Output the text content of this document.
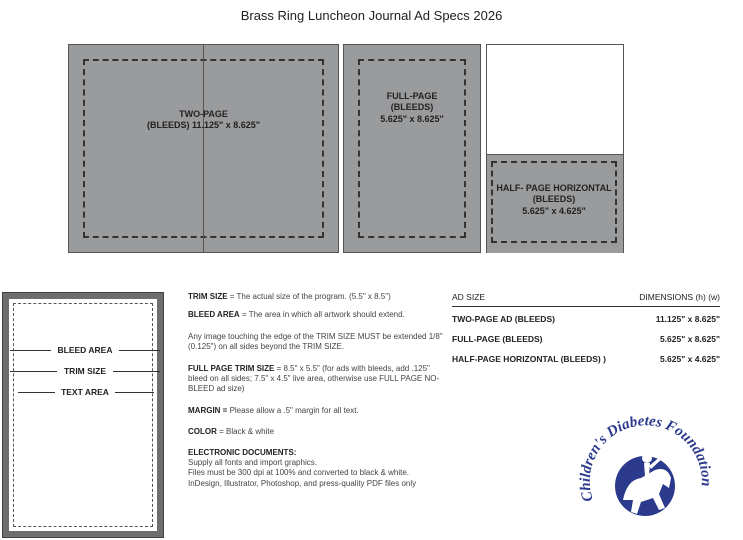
Brass Ring Luncheon Journal Ad Specs 2026
TWO-PAGE
(BLEEDS) 11.125" x 8.625"
FULL-PAGE
(BLEEDS)
5.625" x 8.625"
HALF- PAGE HORIZONTAL
(BLEEDS)
5.625" x 4.625"
BLEED AREA
TRIM SIZE
TEXT AREA

TRIM SIZE = The actual size of the program. (5.5" x 8.5")

BLEED AREA = The area in which all artwork should extend.

Any image touching the edge of the TRIM SIZE MUST be extended 1/8" (0.125") on all sides beyond the TRIM SIZE.

FULL PAGE TRIM SIZE = 8.5" x 5.5" (for ads with bleeds, add .125" bleed on all sides; 7.5" x 4.5" live area, otherwise use FULL PAGE NO-BLEED ad size)

MARGIN = Please allow a .5" margin for all text.

COLOR = Black & white

ELECTRONIC DOCUMENTS:

Supply all fonts and import graphics.
Files must be 300 dpi at 100% and converted to black & white.
InDesign, Illustrator, Photoshop, and press-quality PDF files only

AD SIZE	DIMENSIONS (h) (w)
TWO-PAGE AD (BLEEDS)	11.125" x 8.625"
FULL-PAGE (BLEEDS)	5.625" x 8.625"
HALF-PAGE HORIZONTAL (BLEEDS) )	5.625" x 4.625"
Children's Diabetes Foundation
